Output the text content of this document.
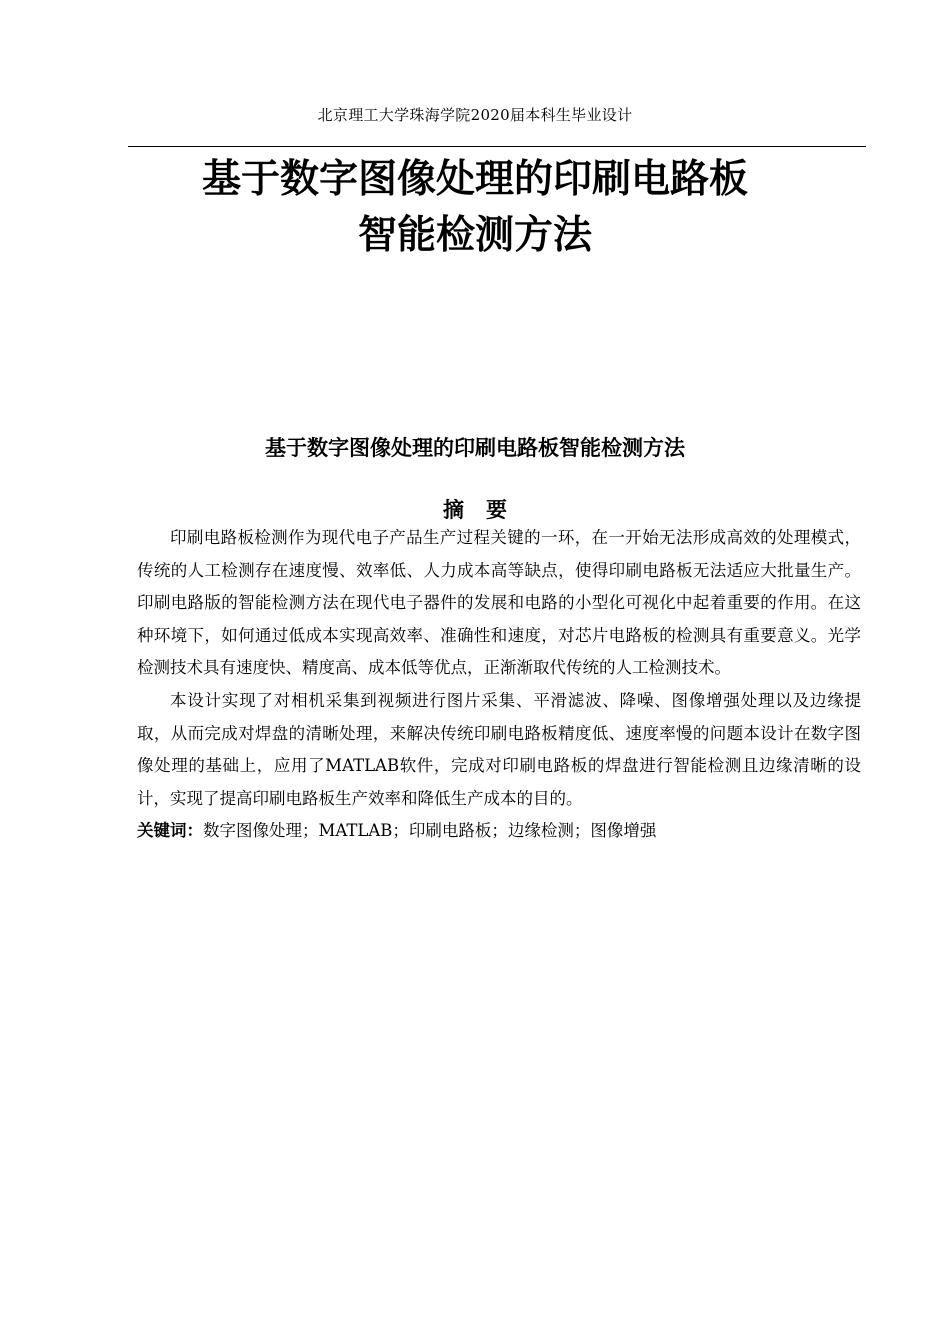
北京理工大学珠海学院2020届本科生毕业设计
基于数字图像处理的印刷电路板
智能检测方法
基于数字图像处理的印刷电路板智能检测方法
摘要

印刷电路板检测作为现代电子产品生产过程关键的一环，在一开始无法形成高效的处理模式，传统的人工检测存在速度慢、效率低、人力成本高等缺点，使得印刷电路板无法适应大批量生产。印刷电路版的智能检测方法在现代电子器件的发展和电路的小型化可视化中起着重要的作用。在这种环境下，如何通过低成本实现高效率、准确性和速度，对芯片电路板的检测具有重要意义。光学检测技术具有速度快、精度高、成本低等优点，正渐渐取代传统的人工检测技术。

本设计实现了对相机采集到视频进行图片采集、平滑滤波、降噪、图像增强处理以及边缘提取，从而完成对焊盘的清晰处理，来解决传统印刷电路板精度低、速度率慢的问题本设计在数字图像处理的基础上，应用了MATLAB软件，完成对印刷电路板的焊盘进行智能检测且边缘清晰的设计，实现了提高印刷电路板生产效率和降低生产成本的目的。

关键词：数字图像处理；MATLAB；印刷电路板；边缘检测；图像增强
